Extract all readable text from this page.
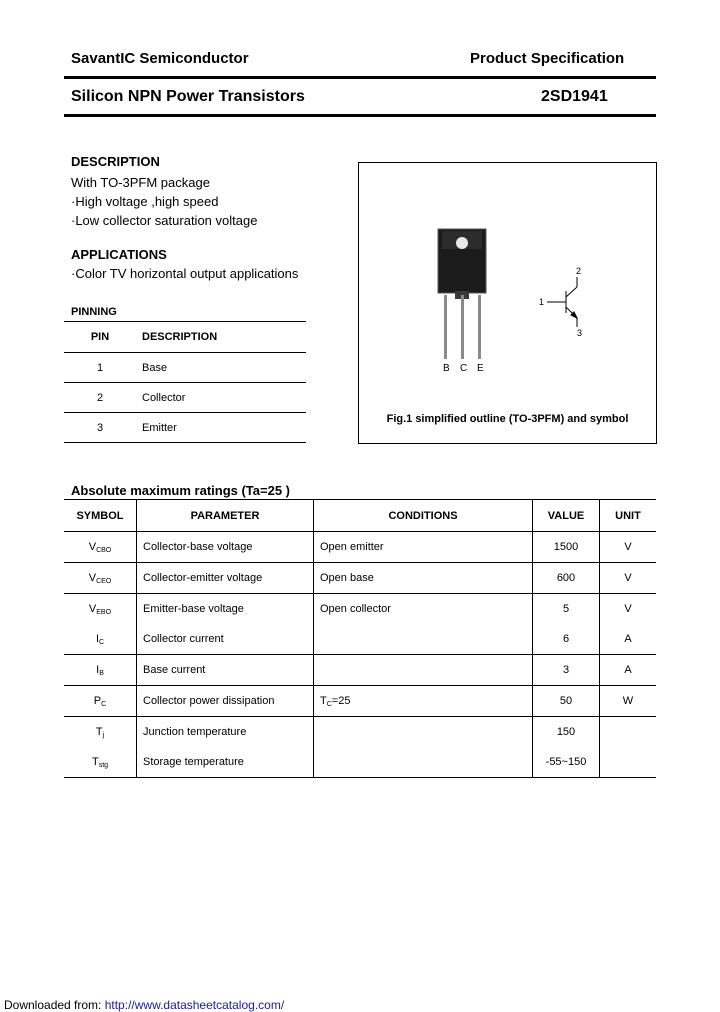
SavantIC Semiconductor	Product Specification
Silicon NPN Power Transistors	2SD1941
DESCRIPTION
With TO-3PFM package
·High voltage ,high speed
·Low collector saturation voltage
APPLICATIONS
·Color TV horizontal output applications
PINNING
PIN	DESCRIPTION
1	Base
2	Collector
3	Emitter
B C E
1
2
3
Fig.1 simplified outline (TO-3PFM) and symbol
Absolute maximum ratings (Ta=25 )
SYMBOL	PARAMETER	CONDITIONS	VALUE	UNIT
$V_{CBO}$	Collector-base voltage	Open emitter	1500	V
$V_{CEO}$	Collector-emitter voltage	Open base	600	V
$V_{EBO}$	Emitter-base voltage	Open collector	5	V
$I_C$	Collector current		6	A
$I_B$	Base current		3	A
$P_C$	Collector power dissipation	$T_C=25$	50	W
$T_j$	Junction temperature		150	
$T_{stg}$	Storage temperature		-55~150	
Downloaded from: http://www.datasheetcatalog.com/
